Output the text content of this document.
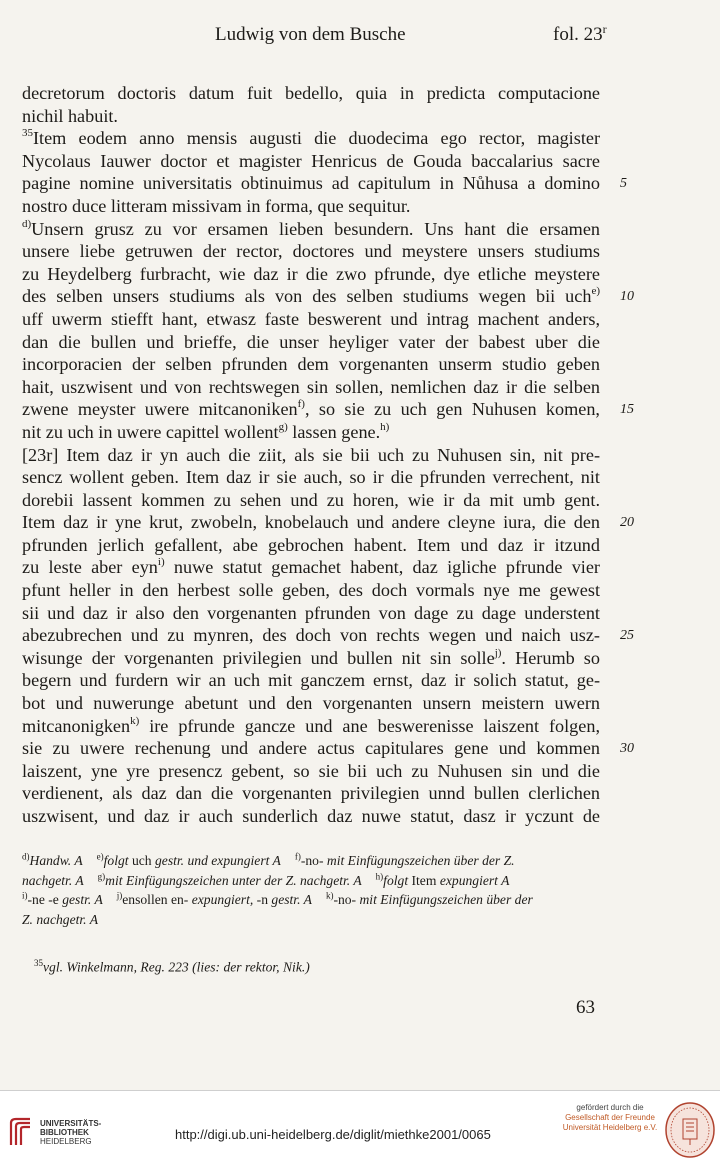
Ludwig von dem Busche	fol. 23$^r$
decretorum doctoris datum fuit bedello, quia in predicta computacione
nichil habuit.
$^{35}$Item eodem anno mensis augusti die duodecima ego rector, magister
Nycolaus Iauwer doctor et magister Henricus de Gouda baccalarius sacre
pagine nomine universitatis obtinuimus ad capitulum in Nůhusa a domino 5
nostro duce litteram missivam in forma, que sequitur.
$^{d)}$Unsern grusz zu vor ersamen lieben besundern. Uns hant die ersamen
unsere liebe getruwen der rector, doctores und meystere unsers studiums
zu Heydelberg furbracht, wie daz ir die zwo pfrunde, dye etliche meystere
des selben unsers studiums als von des selben studiums wegen bii uch$^{e)}$ 10
uff uwerm stiefft hant, etwasz faste beswerent und intrag machent anders,
dan die bullen und brieffe, die unser heyliger vater der babest uber die
incorporacien der selben pfrunden dem vorgenanten unserm studio geben
hait, uszwisent und von rechtswegen sin sollen, nemlichen daz ir die selben
zwene meyster uwere mitcanoniken$^{f)}$, so sie zu uch gen Nuhusen komen, 15
nit zu uch in uwere capittel wollent$^{g)}$ lassen gene.$^{h)}$
[23r] Item daz ir yn auch die ziit, als sie bii uch zu Nuhusen sin, nit pre-
sencz wollent geben. Item daz ir sie auch, so ir die pfrunden verrechent, nit
dorebii lassent kommen zu sehen und zu horen, wie ir da mit umb gent.
Item daz ir yne krut, zwobeln, knobelauch und andere cleyne iura, die den 20
pfrunden jerlich gefallent, abe gebrochen habent. Item und daz ir itzund
zu leste aber eyn$^{i)}$ nuwe statut gemachet habent, daz igliche pfrunde vier
pfunt heller in den herbest solle geben, des doch vormals nye me gewest
sii und daz ir also den vorgenanten pfrunden von dage zu dage understent
abezubrechen und zu mynren, des doch von rechts wegen und naich usz- 25
wisunge der vorgenanten privilegien und bullen nit sin solle$^{j)}$. Herumb so
begern und furdern wir an uch mit ganczem ernst, daz ir solich statut, ge-
bot und nuwerunge abetunt und den vorgenanten unsern meistern uwern
mitcanonigken$^{k)}$ ire pfrunde gancze und ane beswerenisse laiszent folgen,
sie zu uwere rechenung und andere actus capitulares gene und kommen 30
laiszent, yne yre presencz gebent, so sie bii uch zu Nuhusen sin und die
verdienent, als daz dan die vorgenanten privilegien unnd bullen clerlichen
uszwisent, und daz ir auch sunderlich daz nuwe statut, dasz ir yczunt de
$^{d)}$Handw. A $^{e)}$folgt uch gestr. und expungiert A $^{f)}$-no- mit Einfügungszeichen über der Z.
nachgetr. A $^{g)}$mit Einfügungszeichen unter der Z. nachgetr. A $^{h)}$folgt Item expungiert A
$^{i)}$-ne -e gestr. A $^{j)}$ensollen en- expungiert, -n gestr. A $^{k)}$-no- mit Einfügungszeichen über der
Z. nachgetr. A
$^{35}$vgl. Winkelmann, Reg. 223 (lies: der rektor, Nik.)
63
UNIVERSITÄTS-
BIBLIOTHEK
HEIDELBERG	http://digi.ub.uni-heidelberg.de/diglit/miethke2001/0065
gefördert durch die
Gesellschaft der Freunde
Universität Heidelberg e.V.
